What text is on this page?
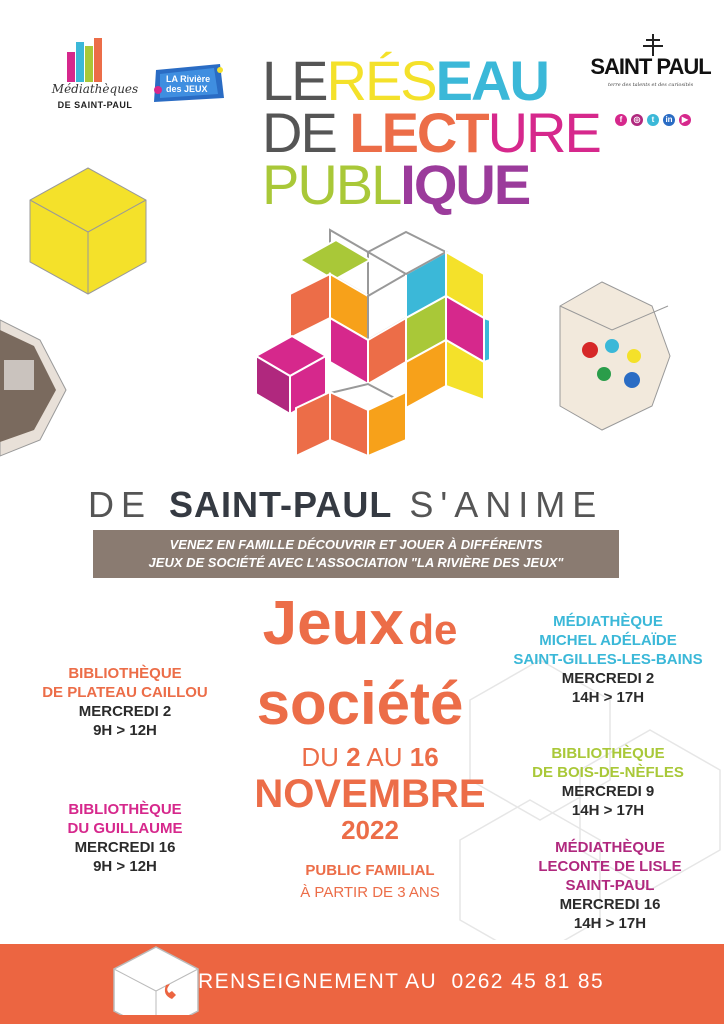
Médiathèques
DE SAINT-PAUL
LA Rivière des JEUX
SAINT PAUL
terre des talents et des curiosités
f	◎	t	in	▶
LERÉSEAU
DE LECTURE
PUBLIQUE
DE SAINT-PAUL S'ANIME
VENEZ EN FAMILLE DÉCOUVRIR ET JOUER À DIFFÉRENTS
JEUX DE SOCIÉTÉ AVEC L'ASSOCIATION "LA RIVIÈRE DES JEUX"
Jeux de
société
DU 2 AU 16
NOVEMBRE
2022
PUBLIC FAMILIAL
À PARTIR DE 3 ANS
BIBLIOTHÈQUE
DE PLATEAU CAILLOU
MERCREDI 2
9H > 12H
BIBLIOTHÈQUE
DU GUILLAUME
MERCREDI 16
9H > 12H
MÉDIATHÈQUE
MICHEL ADÉLAÏDE
SAINT-GILLES-LES-BAINS
MERCREDI 2
14H > 17H
BIBLIOTHÈQUE
DE BOIS-DE-NÈFLES
MERCREDI 9
14H > 17H
MÉDIATHÈQUE
LECONTE DE LISLE
SAINT-PAUL
MERCREDI 16
14H > 17H
RENSEIGNEMENT AU 0262 45 81 85
